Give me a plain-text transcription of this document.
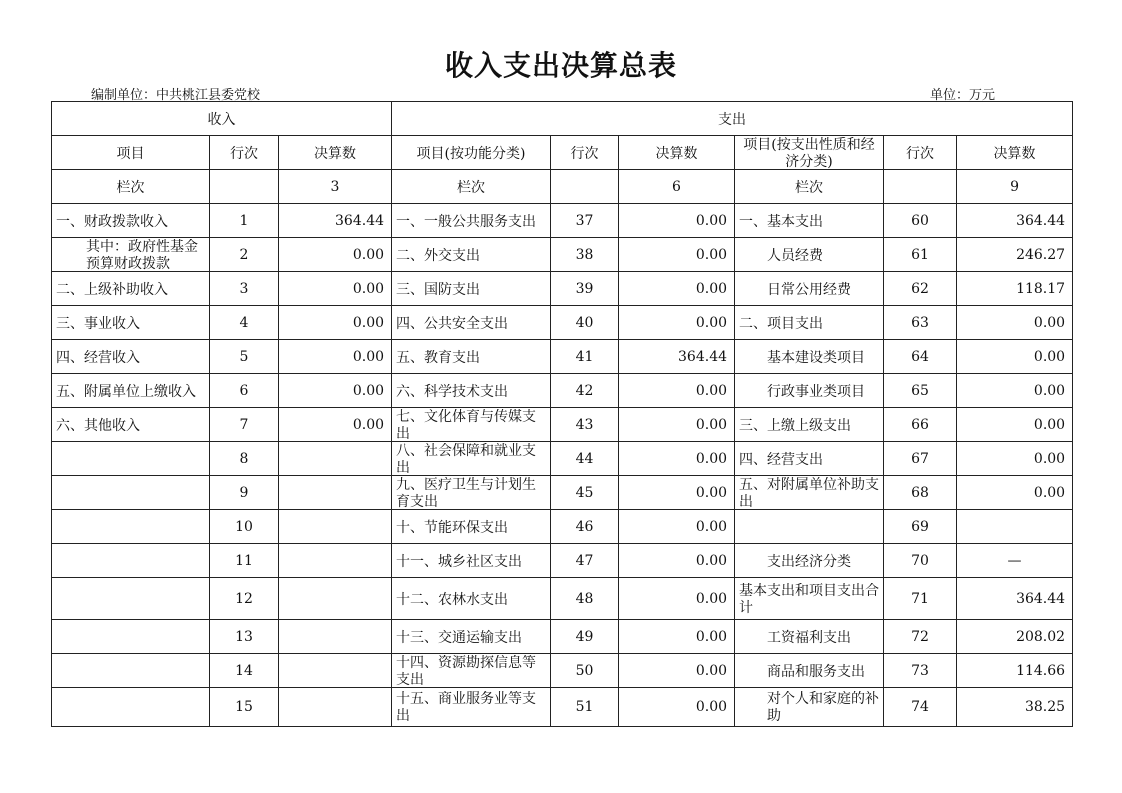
收入支出决算总表
编制单位：中共桃江县委党校	单位：万元
收入			支出					
项目	行次	决算数	项目(按功能分类)	行次	决算数	项目(按支出性质和经济分类)	行次	决算数
栏次		3	栏次		6	栏次		9
一、财政拨款收入	1	364.44	一、一般公共服务支出	37	0.00	一、基本支出	60	364.44

其中：政府性基金预算财政拨款	2	0.00	二、外交支出	38	0.00	人员经费	61	246.27
二、上级补助收入	3	0.00	三、国防支出	39	0.00	日常公用经费	62	118.17
三、事业收入	4	0.00	四、公共安全支出	40	0.00	二、项目支出	63	0.00
四、经营收入	5	0.00	五、教育支出	41	364.44	基本建设类项目	64	0.00
五、附属单位上缴收入	6	0.00	六、科学技术支出	42	0.00	行政事业类项目	65	0.00
六、其他收入	7	0.00	七、文化体育与传媒支出	43	0.00	三、上缴上级支出	66	0.00
	8		八、社会保障和就业支出	44	0.00	四、经营支出	67	0.00
	9		九、医疗卫生与计划生育支出	45	0.00	五、对附属单位补助支出	68	0.00
	10		十、节能环保支出	46	0.00		69	
	11		十一、城乡社区支出	47	0.00	支出经济分类	70	—
	12		十二、农林水支出	48	0.00	基本支出和项目支出合计	71	364.44
	13		十三、交通运输支出	49	0.00	工资福利支出	72	208.02
	14		十四、资源勘探信息等支出	50	0.00	商品和服务支出	73	114.66
	15		十五、商业服务业等支出	51	0.00	对个人和家庭的补助	74	38.25
